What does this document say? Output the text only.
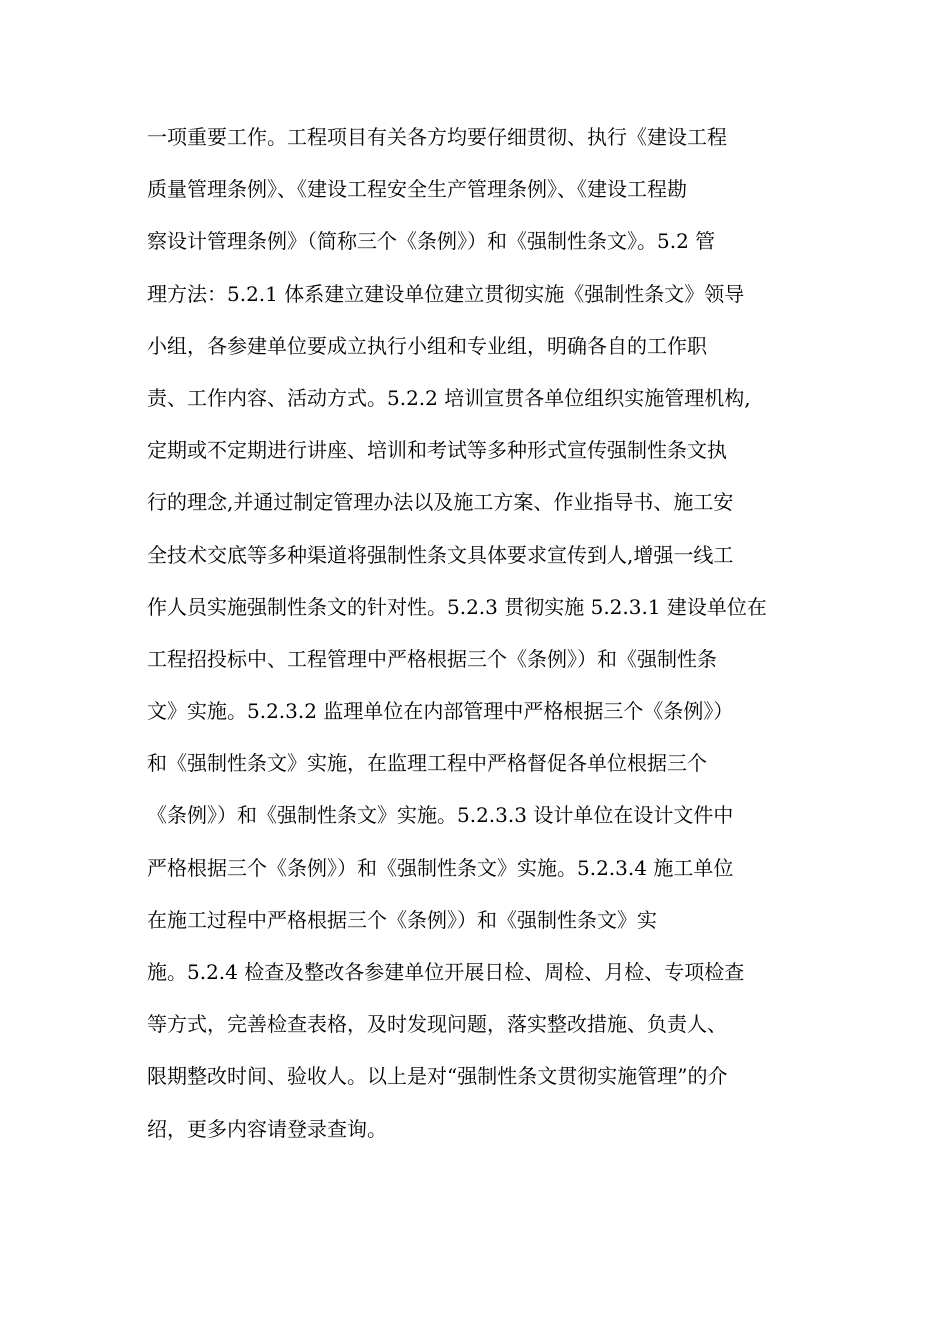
一项重要工作。工程项目有关各方均要仔细贯彻、执行《建设工程
质量管理条例》、《建设工程安全生产管理条例》、《建设工程勘
察设计管理条例》（简称三个《条例》）和《强制性条文》。5.2 管
理方法：5.2.1 体系建立建设单位建立贯彻实施《强制性条文》领导
小组，各参建单位要成立执行小组和专业组，明确各自的工作职
责、工作内容、活动方式。5.2.2 培训宣贯各单位组织实施管理机构,
定期或不定期进行讲座、培训和考试等多种形式宣传强制性条文执
行的理念,并通过制定管理办法以及施工方案、作业指导书、施工安
全技术交底等多种渠道将强制性条文具体要求宣传到人,增强一线工
作人员实施强制性条文的针对性。5.2.3 贯彻实施 5.2.3.1 建设单位在
工程招投标中、工程管理中严格根据三个《条例》）和《强制性条
文》实施。5.2.3.2 监理单位在内部管理中严格根据三个《条例》）
和《强制性条文》实施，在监理工程中严格督促各单位根据三个
《条例》）和《强制性条文》实施。5.2.3.3 设计单位在设计文件中
严格根据三个《条例》）和《强制性条文》实施。5.2.3.4 施工单位
在施工过程中严格根据三个《条例》）和《强制性条文》实
施。5.2.4 检查及整改各参建单位开展日检、周检、月检、专项检查
等方式，完善检查表格，及时发现问题，落实整改措施、负责人、
限期整改时间、验收人。以上是对“强制性条文贯彻实施管理”的介
绍，更多内容请登录查询。
